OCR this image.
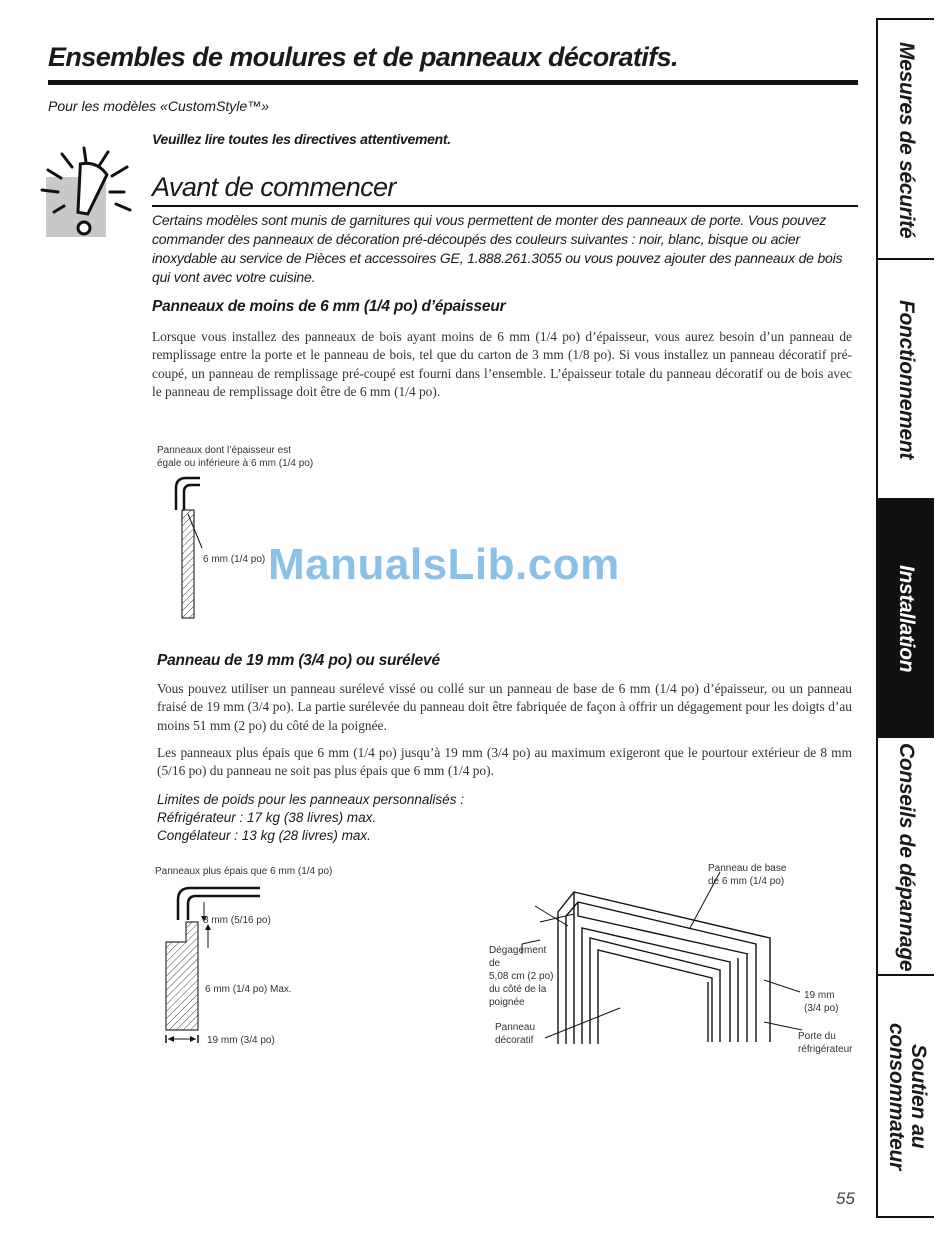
Ensembles de moulures et de panneaux décoratifs.
Pour les modèles «CustomStyle™»
Veuillez lire toutes les directives attentivement.
Avant de commencer
Certains modèles sont munis de garnitures qui vous permettent de monter des panneaux de porte. Vous pouvez commander des panneaux de décoration pré-découpés des couleurs suivantes : noir, blanc, bisque ou acier inoxydable au service de Pièces et accessoires GE, 1.888.261.3055 ou vous pouvez ajouter des panneaux de bois qui vont avec votre cuisine.
Panneaux de moins de 6 mm (1/4 po) d’épaisseur
Lorsque vous installez des panneaux de bois ayant moins de 6 mm (1/4 po) d’épaisseur, vous aurez besoin d’un panneau de remplissage entre la porte et le panneau de bois, tel que du carton de 3 mm (1/8 po). Si vous installez un panneau décoratif pré-coupé, un panneau de remplissage pré-coupé est fourni dans l’ensemble. L’épaisseur totale du panneau décoratif ou de bois avec le panneau de remplissage doit être de 6 mm (1/4 po).
Panneaux dont l’épaisseur est
égale ou inférieure à 6 mm (1/4 po)
6 mm (1/4 po)
Panneau de 19 mm (3/4 po) ou surélevé
Vous pouvez utiliser un panneau surélevé vissé ou collé sur un panneau de base de 6 mm (1/4 po) d’épaisseur, ou un panneau fraisé de 19 mm (3/4 po). La partie surélevée du panneau doit être fabriquée de façon à offrir un dégagement pour les doigts d’au moins 51 mm (2 po) du côté de la poignée.
Les panneaux plus épais que 6 mm (1/4 po) jusqu’à 19 mm (3/4 po) au maximum exigeront que le pourtour extérieur de 8 mm (5/16 po) du panneau ne soit pas plus épais que 6 mm (1/4 po).
Limites de poids pour les panneaux personnalisés :
Réfrigérateur : 17 kg (38 livres) max.
Congélateur : 13 kg (28 livres) max.
Panneaux plus épais que 6 mm (1/4 po)
8 mm (5/16 po)
6 mm (1/4 po) Max.
19 mm (3/4 po)
Panneau de base
de 6 mm (1/4 po)
Dégagement
de
5,08 cm (2 po)
du côté de la
poignée
Panneau
décoratif
19 mm
(3/4 po)
Porte du
réfrigérateur
ManualsLib.com
Mesures de sécurité
Fonctionnement
Installation
Conseils de dépannage
Soutien au consommateur
55
